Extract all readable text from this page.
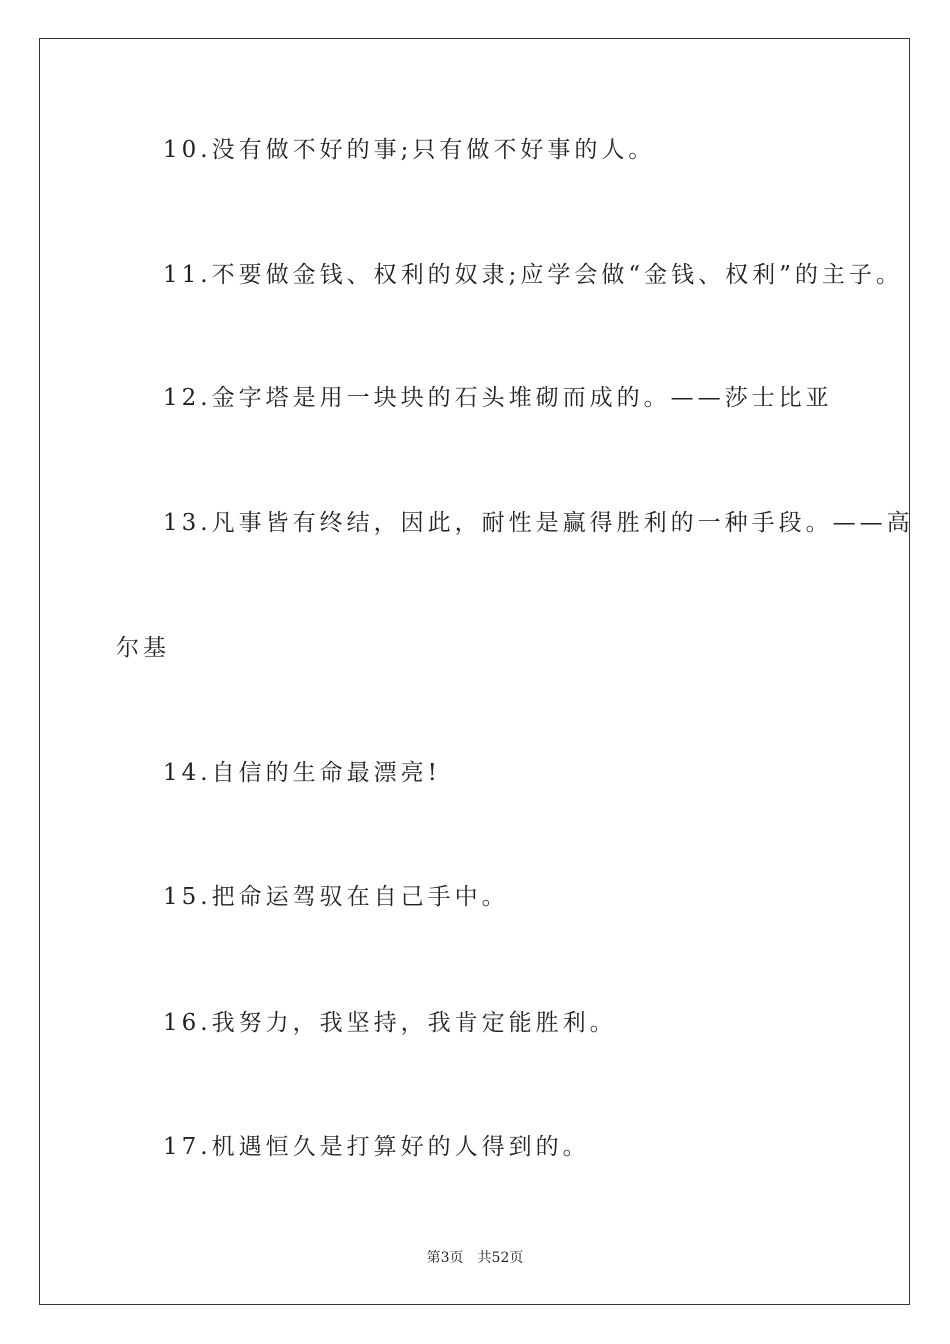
10.没有做不好的事;只有做不好事的人。

11.不要做金钱、权利的奴隶;应学会做“金钱、权利”的主子。

12.金字塔是用一块块的石头堆砌而成的。——莎士比亚

13.凡事皆有终结，因此，耐性是赢得胜利的一种手段。——高

尔基

14.自信的生命最漂亮!

15.把命运驾驭在自己手中。

16.我努力，我坚持，我肯定能胜利。

17.机遇恒久是打算好的人得到的。

第3页 共52页
